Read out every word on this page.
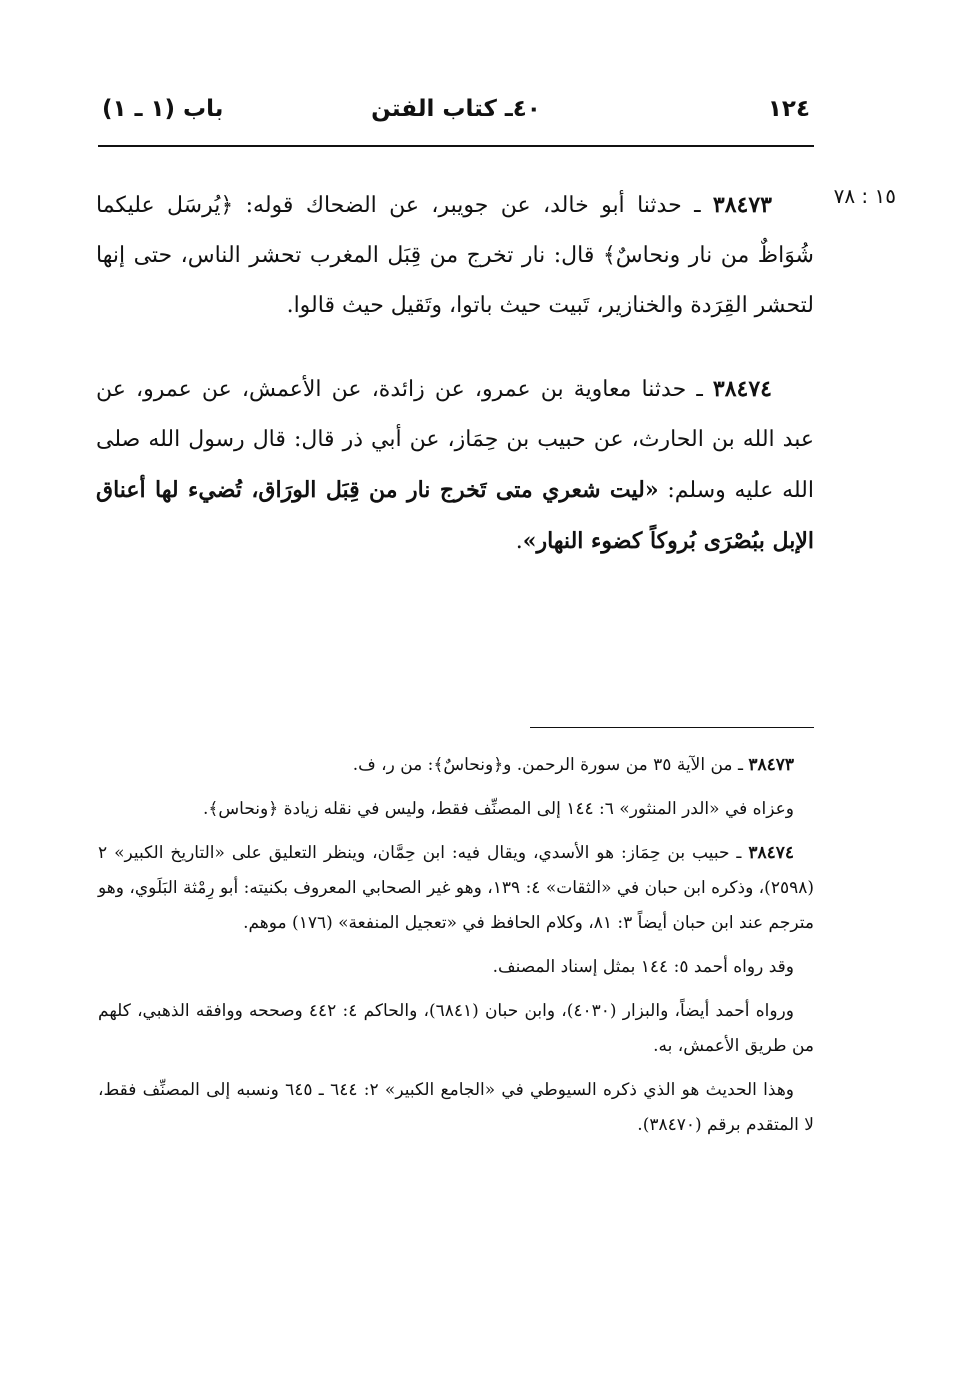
١٢٤
٤٠ـ كتاب الفتن
باب (١ ـ ١)
١٥ : ٧٨

٣٨٤٧٣ ـ حدثنا أبو خالد، عن جويبر، عن الضحاك قوله: ﴿يُرسَل عليكما شُوَاظٌ من نار ونحاسٌ﴾ قال: نار تخرج من قِبَل المغرب تحشر الناس، حتى إنها لتحشر القِرَدة والخنازير، تَبيت حيث باتوا، وتَقيل حيث قالوا.

٣٨٤٧٤ ـ حدثنا معاوية بن عمرو، عن زائدة، عن الأعمش، عن عمرو، عن عبد الله بن الحارث، عن حبيب بن حِمَاز، عن أبي ذر قال: قال رسول الله صلى الله عليه وسلم: «ليت شعري متى تَخرج نار من قِبَل الورَاق، تُضيء لها أعناق الإبل ببُصْرَى بُروكاً كضوء النهار».

٣٨٤٧٣ ـ من الآية ٣٥ من سورة الرحمن. و﴿ونحاسٌ﴾: من ر، ف.

وعزاه في «الدر المنثور» ٦: ١٤٤ إلى المصنِّف فقط، وليس في نقله زيادة ﴿ونحاس﴾.

٣٨٤٧٤ ـ حبيب بن حِمَاز: هو الأسدي، ويقال فيه: ابن حِمَّان، وينظر التعليق على «التاريخ الكبير» ٢ (٢٥٩٨)، وذكره ابن حبان في «الثقات» ٤: ١٣٩، وهو غير الصحابي المعروف بكنيته: أبو رِمْثة البَلَوي، وهو مترجم عند ابن حبان أيضاً ٣: ٨١، وكلام الحافظ في «تعجيل المنفعة» (١٧٦) موهم.

وقد رواه أحمد ٥: ١٤٤ بمثل إسناد المصنف.

ورواه أحمد أيضاً، والبزار (٤٠٣٠)، وابن حبان (٦٨٤١)، والحاكم ٤: ٤٤٢ وصححه ووافقه الذهبي، كلهم من طريق الأعمش، به.

وهذا الحديث هو الذي ذكره السيوطي في «الجامع الكبير» ٢: ٦٤٤ ـ ٦٤٥ ونسبه إلى المصنِّف فقط، لا المتقدم برقم (٣٨٤٧٠).
